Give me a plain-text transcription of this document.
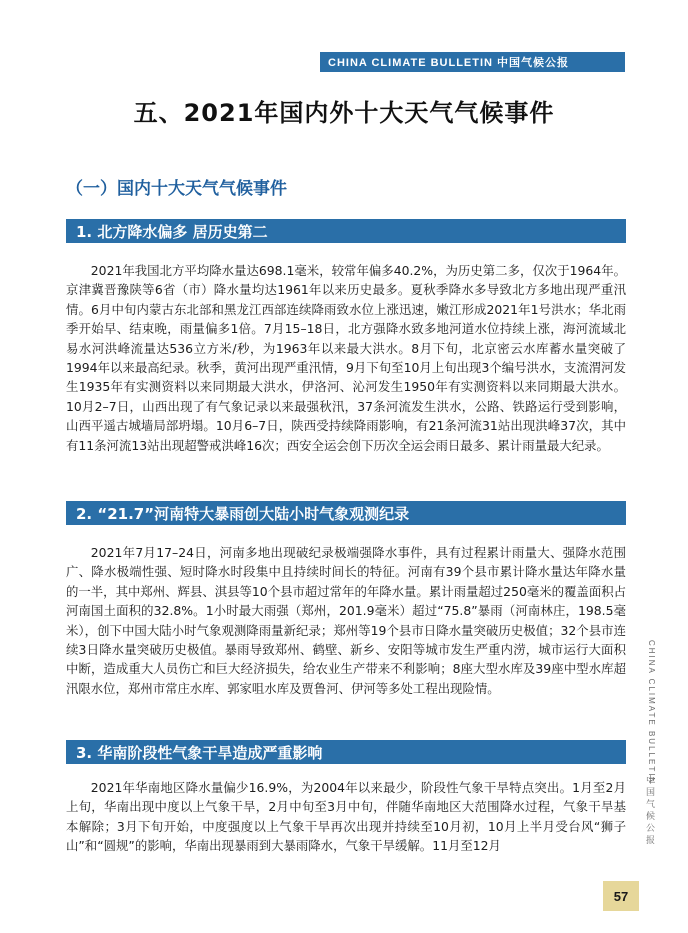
CHINA CLIMATE BULLETIN 中国气候公报
五、2021年国内外十大天气气候事件
（一）国内十大天气气候事件
1. 北方降水偏多 居历史第二

2021年我国北方平均降水量达698.1毫米，较常年偏多40.2%，为历史第二多，仅次于1964年。京津冀晋豫陕等6省（市）降水量均达1961年以来历史最多。夏秋季降水多导致北方多地出现严重汛情。6月中旬内蒙古东北部和黑龙江西部连续降雨致水位上涨迅速，嫩江形成2021年1号洪水；华北雨季开始早、结束晚，雨量偏多1倍。7月15–18日，北方强降水致多地河道水位持续上涨，海河流域北易水河洪峰流量达536立方米/秒，为1963年以来最大洪水。8月下旬，北京密云水库蓄水量突破了1994年以来最高纪录。秋季，黄河出现严重汛情，9月下旬至10月上旬出现3个编号洪水，支流渭河发生1935年有实测资料以来同期最大洪水，伊洛河、沁河发生1950年有实测资料以来同期最大洪水。10月2–7日，山西出现了有气象记录以来最强秋汛，37条河流发生洪水，公路、铁路运行受到影响，山西平遥古城墙局部坍塌。10月6–7日，陕西受持续降雨影响，有21条河流31站出现洪峰37次，其中有11条河流13站出现超警戒洪峰16次；西安全运会创下历次全运会雨日最多、累计雨量最大纪录。

2. “21.7”河南特大暴雨创大陆小时气象观测纪录

2021年7月17–24日，河南多地出现破纪录极端强降水事件，具有过程累计雨量大、强降水范围广、降水极端性强、短时降水时段集中且持续时间长的特征。河南有39个县市累计降水量达年降水量的一半，其中郑州、辉县、淇县等10个县市超过常年的年降水量。累计雨量超过250毫米的覆盖面积占河南国土面积的32.8%。1小时最大雨强（郑州，201.9毫米）超过“75.8”暴雨（河南林庄，198.5毫米），创下中国大陆小时气象观测降雨量新纪录；郑州等19个县市日降水量突破历史极值；32个县市连续3日降水量突破历史极值。暴雨导致郑州、鹤壁、新乡、安阳等城市发生严重内涝，城市运行大面积中断，造成重大人员伤亡和巨大经济损失，给农业生产带来不利影响；8座大型水库及39座中型水库超汛限水位，郑州市常庄水库、郭家咀水库及贾鲁河、伊河等多处工程出现险情。

3. 华南阶段性气象干旱造成严重影响

2021年华南地区降水量偏少16.9%，为2004年以来最少，阶段性气象干旱特点突出。1月至2月上旬，华南出现中度以上气象干旱，2月中旬至3月中旬，伴随华南地区大范围降水过程，气象干旱基本解除；3月下旬开始，中度强度以上气象干旱再次出现并持续至10月初，10月上半月受台风“狮子山”和“圆规”的影响，华南出现暴雨到大暴雨降水，气象干旱缓解。11月至12月

CHINA CLIMATE BULLETIN
中国气候公报
57
